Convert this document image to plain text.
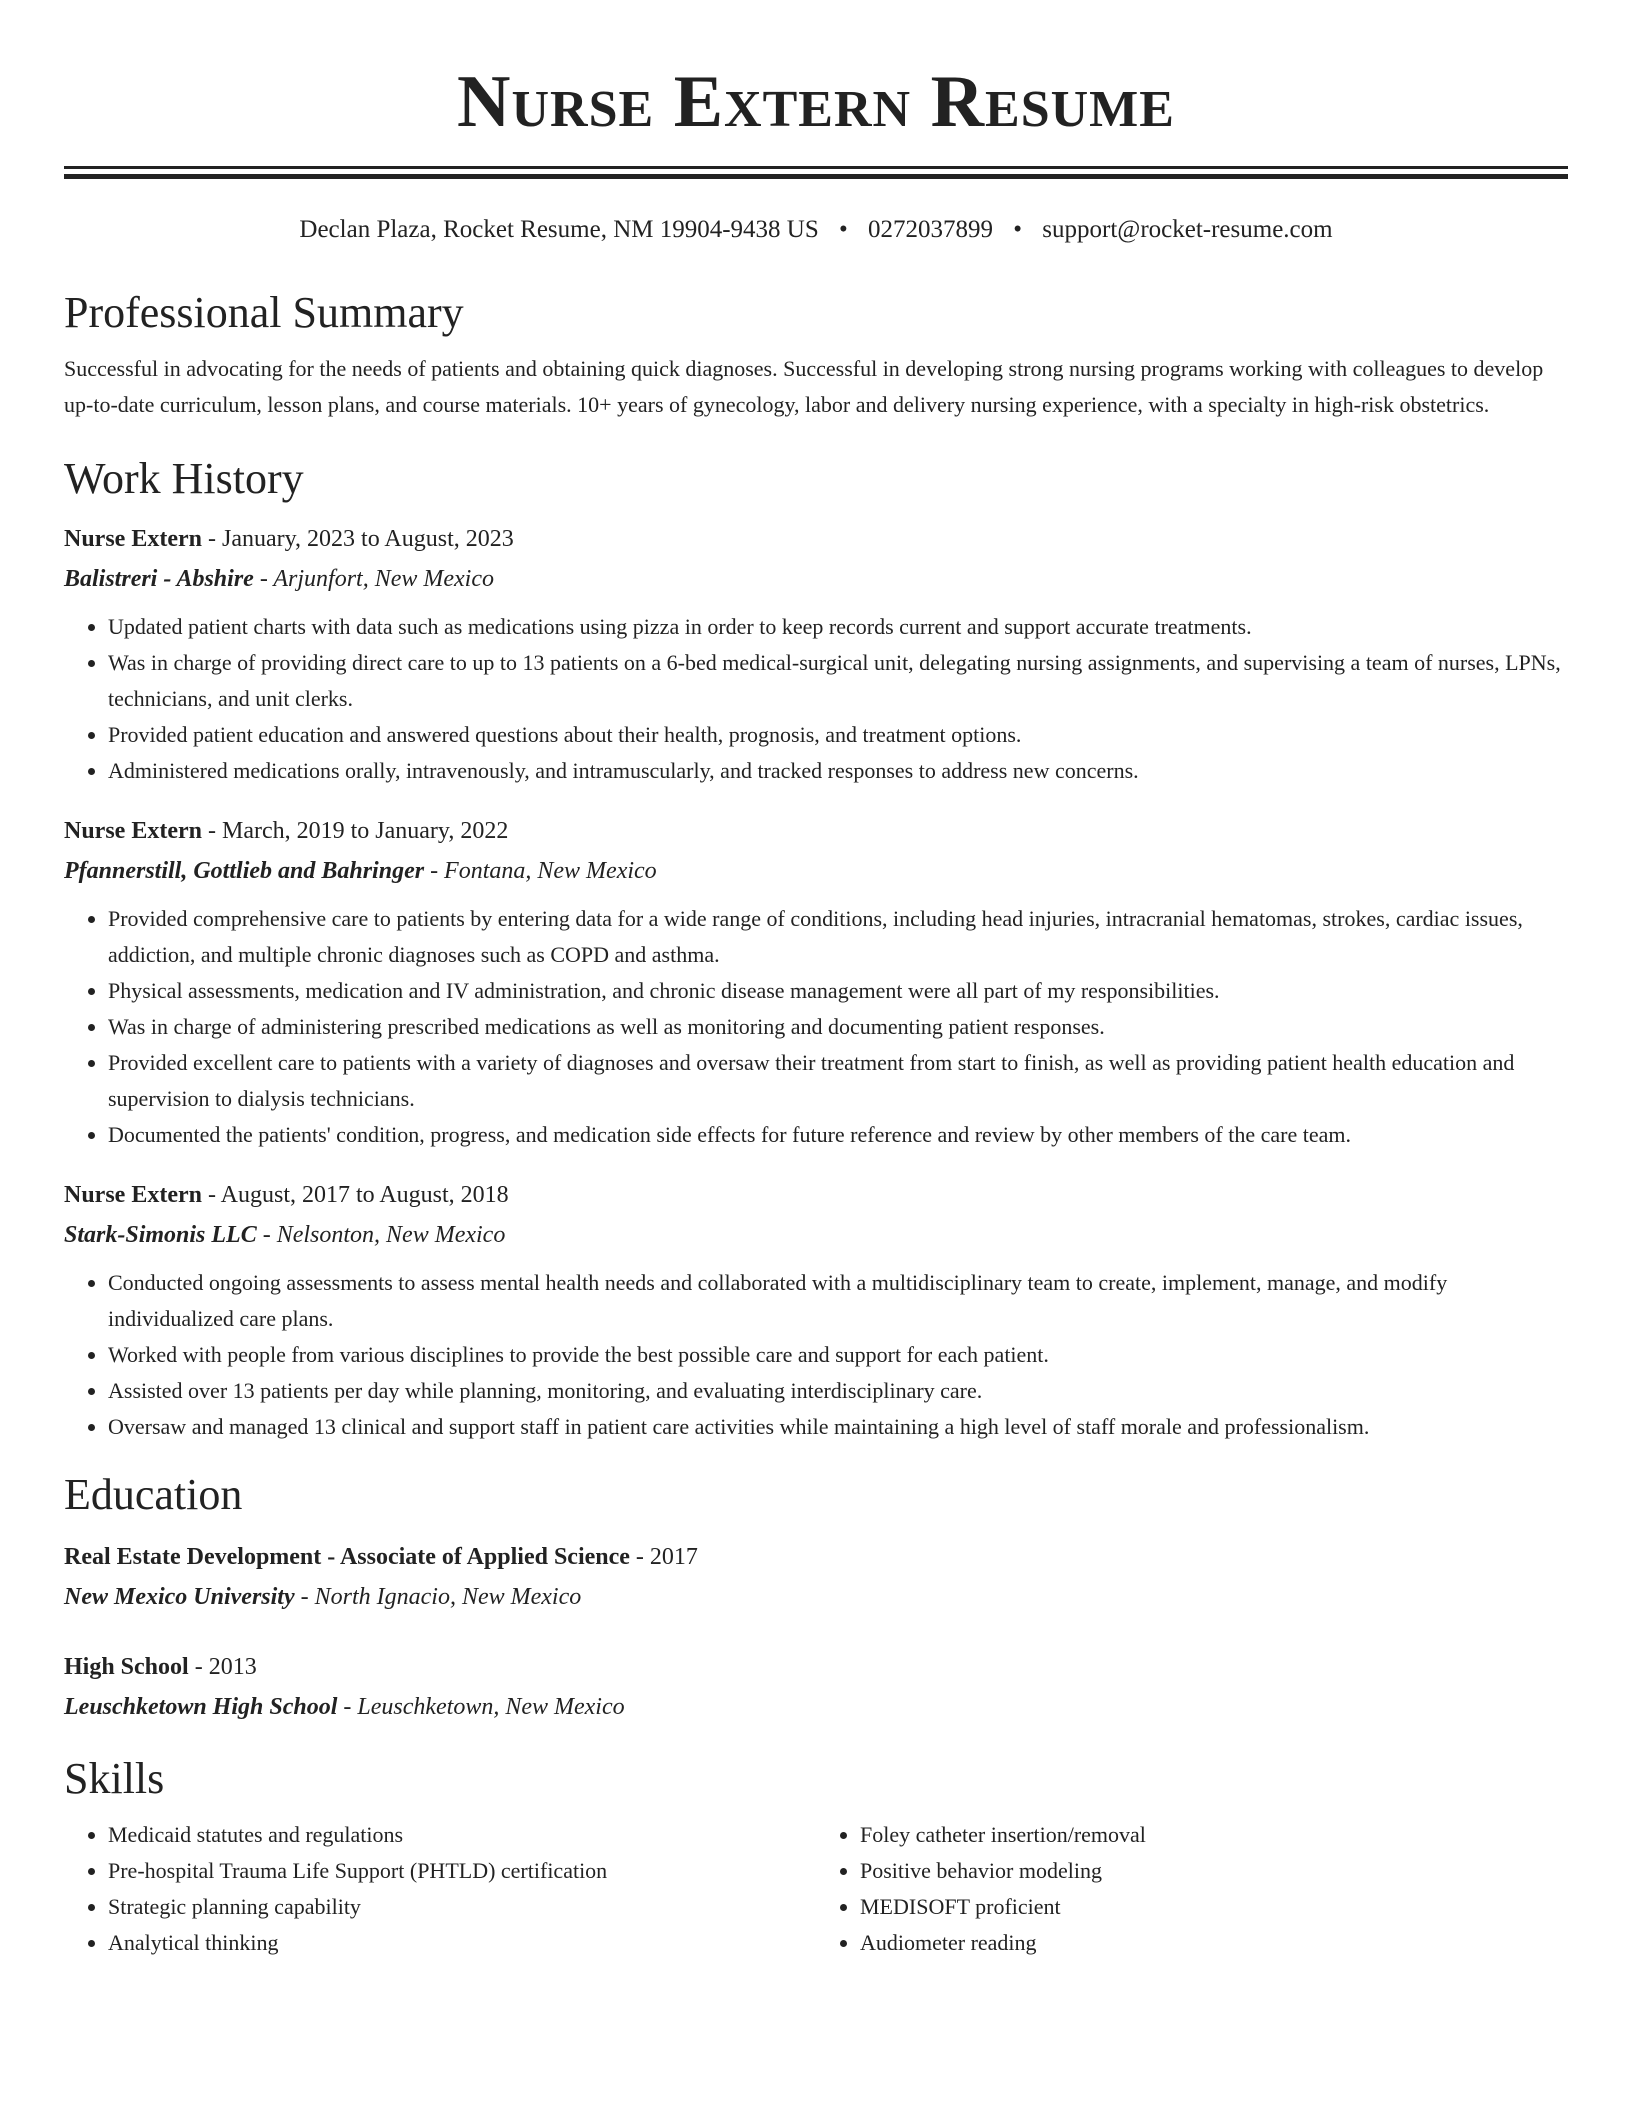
Nurse Extern Resume
Declan Plaza, Rocket Resume, NM 19904-9438 US • 0272037899 • support@rocket-resume.com
Professional Summary
Successful in advocating for the needs of patients and obtaining quick diagnoses. Successful in developing strong nursing programs working with colleagues to develop up-to-date curriculum, lesson plans, and course materials. 10+ years of gynecology, labor and delivery nursing experience, with a specialty in high-risk obstetrics.
Work History
Nurse Extern - January, 2023 to August, 2023
Balistreri - Abshire - Arjunfort, New Mexico
• Updated patient charts with data such as medications using pizza in order to keep records current and support accurate treatments.
• Was in charge of providing direct care to up to 13 patients on a 6-bed medical-surgical unit, delegating nursing assignments, and supervising a team of nurses, LPNs, technicians, and unit clerks.
• Provided patient education and answered questions about their health, prognosis, and treatment options.
• Administered medications orally, intravenously, and intramuscularly, and tracked responses to address new concerns.
Nurse Extern - March, 2019 to January, 2022
Pfannerstill, Gottlieb and Bahringer - Fontana, New Mexico
• Provided comprehensive care to patients by entering data for a wide range of conditions, including head injuries, intracranial hematomas, strokes, cardiac issues, addiction, and multiple chronic diagnoses such as COPD and asthma.
• Physical assessments, medication and IV administration, and chronic disease management were all part of my responsibilities.
• Was in charge of administering prescribed medications as well as monitoring and documenting patient responses.
• Provided excellent care to patients with a variety of diagnoses and oversaw their treatment from start to finish, as well as providing patient health education and supervision to dialysis technicians.
• Documented the patients' condition, progress, and medication side effects for future reference and review by other members of the care team.
Nurse Extern - August, 2017 to August, 2018
Stark-Simonis LLC - Nelsonton, New Mexico
• Conducted ongoing assessments to assess mental health needs and collaborated with a multidisciplinary team to create, implement, manage, and modify individualized care plans.
• Worked with people from various disciplines to provide the best possible care and support for each patient.
• Assisted over 13 patients per day while planning, monitoring, and evaluating interdisciplinary care.
• Oversaw and managed 13 clinical and support staff in patient care activities while maintaining a high level of staff morale and professionalism.
Education
Real Estate Development - Associate of Applied Science - 2017
New Mexico University - North Ignacio, New Mexico
High School - 2013
Leuschketown High School - Leuschketown, New Mexico
Skills
• Medicaid statutes and regulations
• Pre-hospital Trauma Life Support (PHTLD) certification
• Strategic planning capability
• Analytical thinking
• Foley catheter insertion/removal
• Positive behavior modeling
• MEDISOFT proficient
• Audiometer reading
